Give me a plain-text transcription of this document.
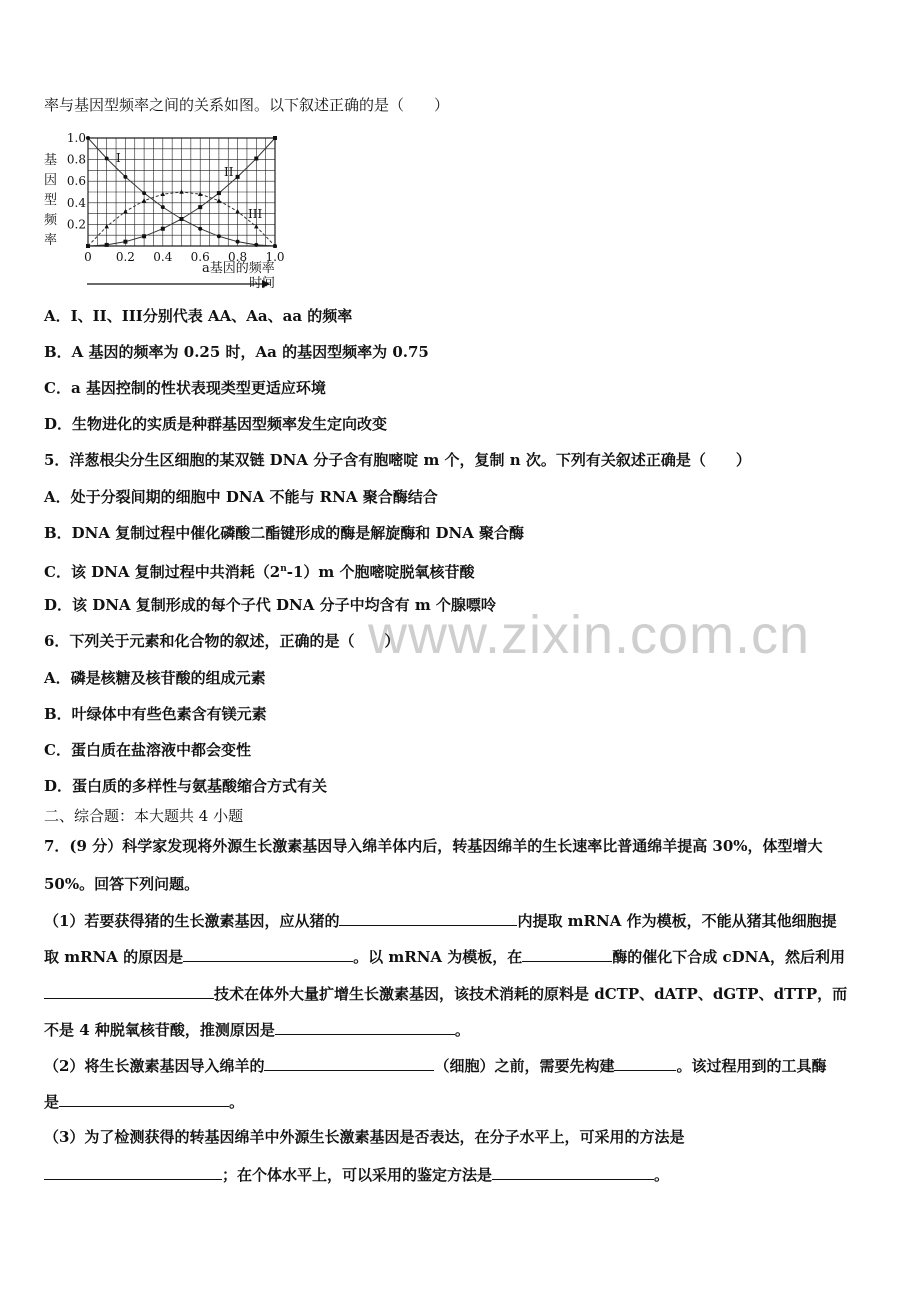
率与基因型频率之间的关系如图。以下叙述正确的是（　　）
基
因
型
频
率
1.0
0.8
0.6
0.4
0.2
0 0.2 0.4 0.6 0.8 1.0
I
II
III
a基因的频率
时间
A．I、II、III分别代表 AA、Aa、aa 的频率
B．A 基因的频率为 0.25 时，Aa 的基因型频率为 0.75
C．a 基因控制的性状表现类型更适应环境
D．生物进化的实质是种群基因型频率发生定向改变
5．洋葱根尖分生区细胞的某双链 DNA 分子含有胞嘧啶 m 个，复制 n 次。下列有关叙述正确是（　　）
A．处于分裂间期的细胞中 DNA 不能与 RNA 聚合酶结合
B．DNA 复制过程中催化磷酸二酯键形成的酶是解旋酶和 DNA 聚合酶
C．该 DNA 复制过程中共消耗（2$^n$-1）m 个胞嘧啶脱氧核苷酸
D．该 DNA 复制形成的每个子代 DNA 分子中均含有 m 个腺嘌呤
www.zixin.com.cn
6．下列关于元素和化合物的叙述，正确的是（　　）
A．磷是核糖及核苷酸的组成元素
B．叶绿体中有些色素含有镁元素
C．蛋白质在盐溶液中都会变性
D．蛋白质的多样性与氨基酸缩合方式有关
二、综合题：本大题共 4 小题
7．(9 分）科学家发现将外源生长激素基因导入绵羊体内后，转基因绵羊的生长速率比普通绵羊提高 30%，体型增大
50%。回答下列问题。
（1）若要获得猪的生长激素基因，应从猪的	内提取 mRNA 作为模板，不能从猪其他细胞提
取 mRNA 的原因是	。以 mRNA 为模板，在	酶的催化下合成 cDNA，然后利用
技术在体外大量扩增生长激素基因，该技术消耗的原料是 dCTP、dATP、dGTP、dTTP，而
不是 4 种脱氧核苷酸，推测原因是	。
（2）将生长激素基因导入绵羊的	（细胞）之前，需要先构建	。该过程用到的工具酶
是	。
（3）为了检测获得的转基因绵羊中外源生长激素基因是否表达，在分子水平上，可采用的方法是
；在个体水平上，可以采用的鉴定方法是	。
